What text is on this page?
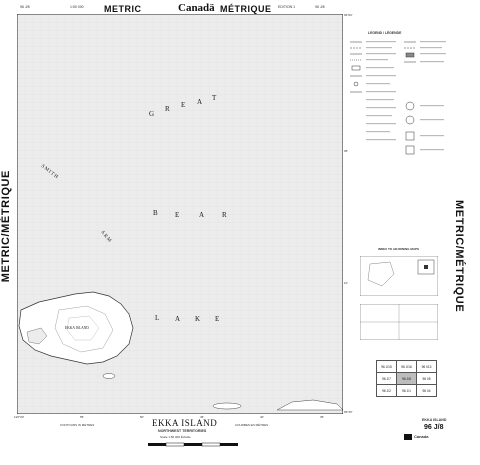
96 J/8	1:50 000 METRIC	Canadä MÉTRIQUE EDITION 1	96 J/8
METRIC/MÉTRIQUE	METRIC/MÉTRIQUE
G
R E A T
B E	A R
L A K E
SMITH
ARM
EKKA ISLAND
66°00'
05'
10'
65°45'
120°00'	55'	50'	45'	40'	35'
CONTOURS IN METRES	EKKA ISLAND
NORTHWEST TERRITORIES
Scale 1:50 000 Échelle
COURBES EN MÈTRES
LEGEND / LÉGENDE
INDEX TO ADJOINING MAPS
96 J/15	96 J/16	96 I/13
96 J/7	96 J/8	96 I/5
96 J/2	96 J/1	96 I/4
EKKA ISLAND
96 J/8
Canada
